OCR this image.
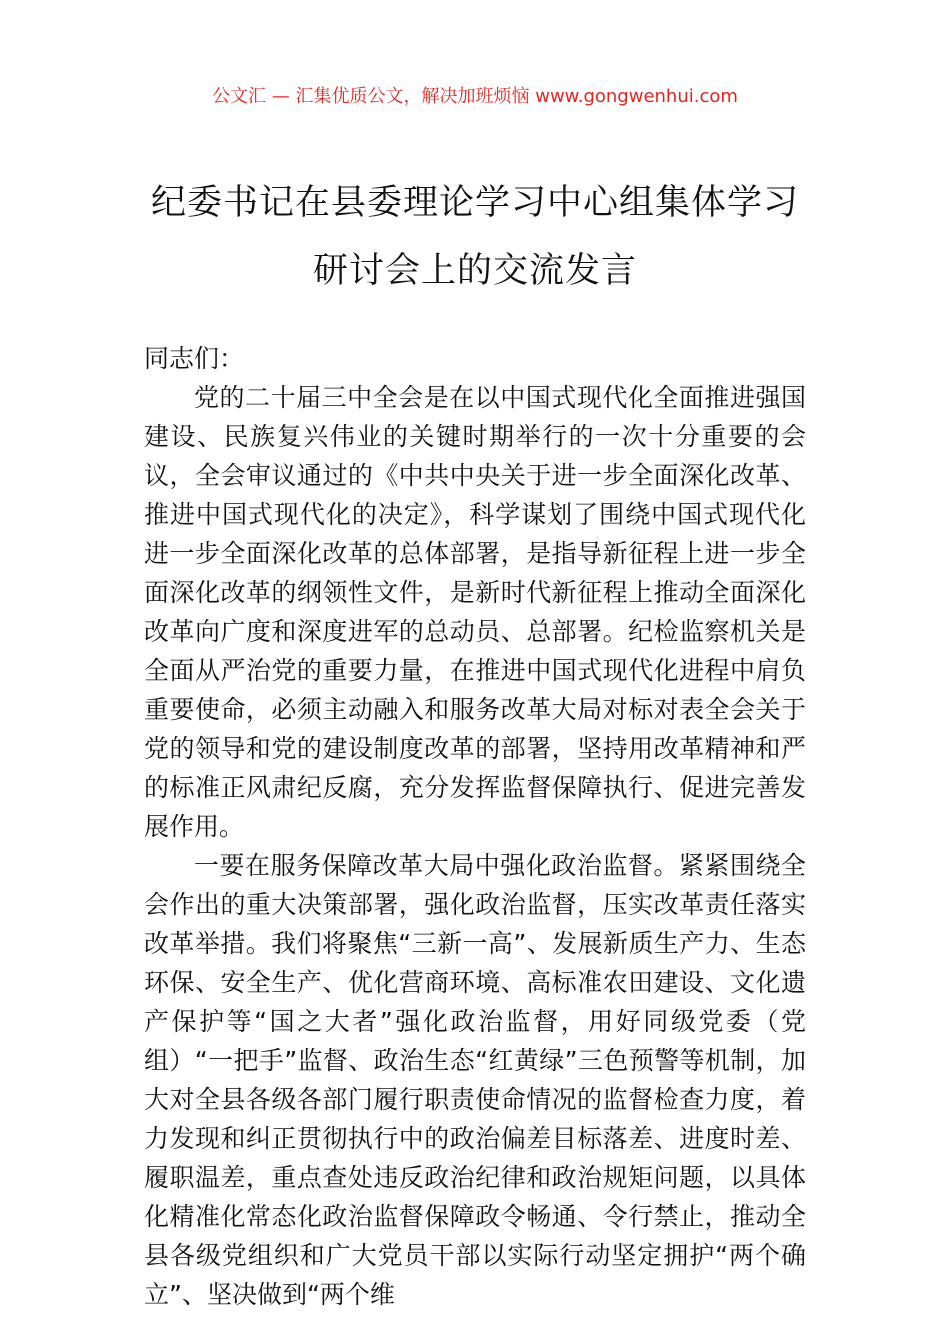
公文汇 — 汇集优质公文，解决加班烦恼 www.gongwenhui.com
纪委书记在县委理论学习中心组集体学习
研讨会上的交流发言

同志们：

党的二十届三中全会是在以中国式现代化全面推进强国建设、民族复兴伟业的关键时期举行的一次十分重要的会议，全会审议通过的《中共中央关于进一步全面深化改革、推进中国式现代化的决定》，科学谋划了围绕中国式现代化进一步全面深化改革的总体部署，是指导新征程上进一步全面深化改革的纲领性文件，是新时代新征程上推动全面深化改革向广度和深度进军的总动员、总部署。纪检监察机关是全面从严治党的重要力量，在推进中国式现代化进程中肩负重要使命，必须主动融入和服务改革大局对标对表全会关于党的领导和党的建设制度改革的部署，坚持用改革精神和严的标准正风肃纪反腐，充分发挥监督保障执行、促进完善发展作用。

一要在服务保障改革大局中强化政治监督。紧紧围绕全会作出的重大决策部署，强化政治监督，压实改革责任落实改革举措。我们将聚焦“三新一高”、发展新质生产力、生态环保、安全生产、优化营商环境、高标准农田建设、文化遗产保护等“国之大者”强化政治监督，用好同级党委（党组）“一把手”监督、政治生态“红黄绿”三色预警等机制，加大对全县各级各部门履行职责使命情况的监督检查力度，着力发现和纠正贯彻执行中的政治偏差目标落差、进度时差、履职温差，重点查处违反政治纪律和政治规矩问题，以具体化精准化常态化政治监督保障政令畅通、令行禁止，推动全县各级党组织和广大党员干部以实际行动坚定拥护“两个确立”、坚决做到“两个维
